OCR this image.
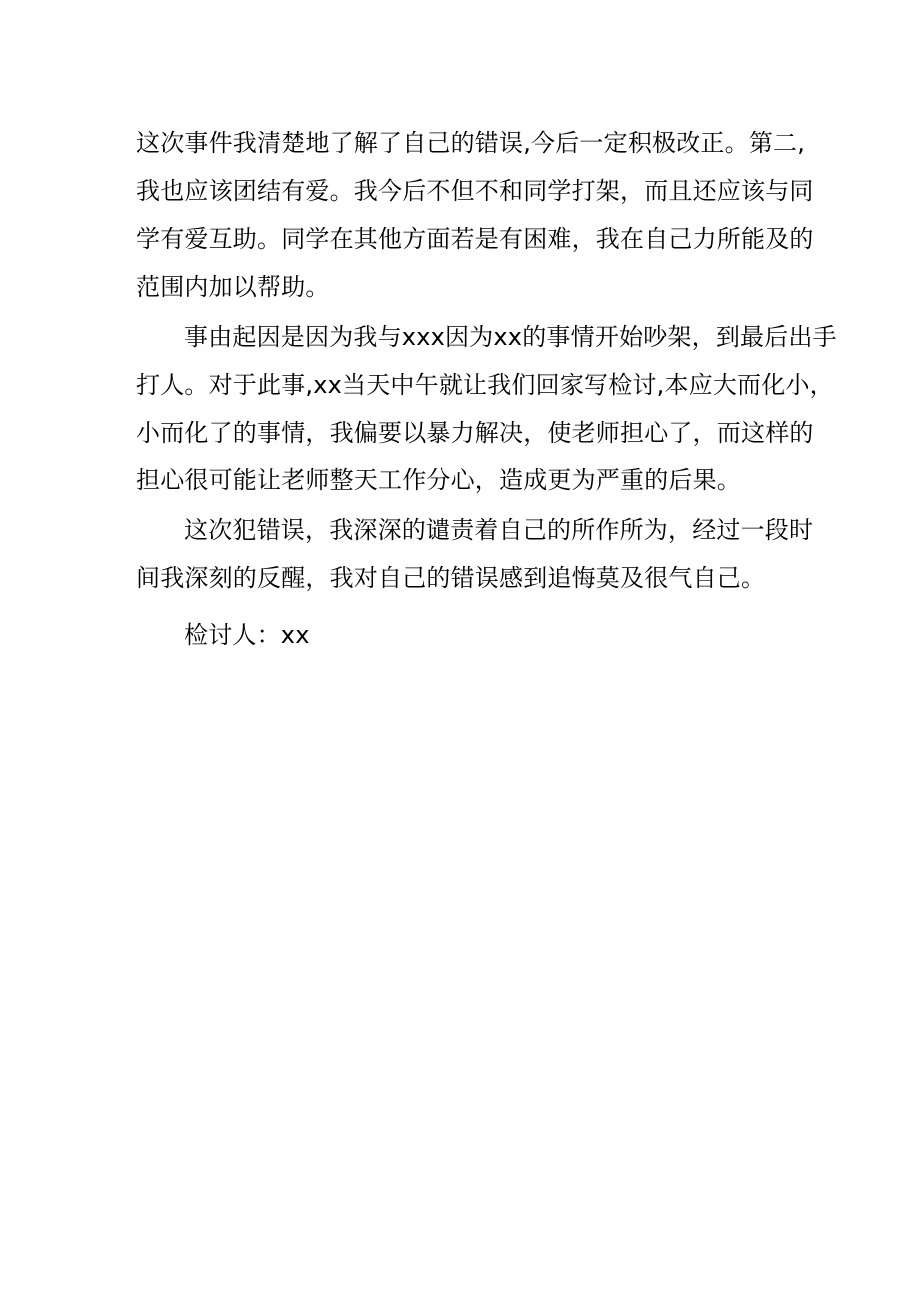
这次事件我清楚地了解了自己的错误,今后一定积极改正。第二,
我也应该团结有爱。我今后不但不和同学打架，而且还应该与同
学有爱互助。同学在其他方面若是有困难，我在自己力所能及的
范围内加以帮助。
事由起因是因为我与xxx因为xx的事情开始吵架，到最后出手
打人。对于此事,xx当天中午就让我们回家写检讨,本应大而化小，
小而化了的事情，我偏要以暴力解决，使老师担心了，而这样的
担心很可能让老师整天工作分心，造成更为严重的后果。
这次犯错误，我深深的谴责着自己的所作所为，经过一段时
间我深刻的反醒，我对自己的错误感到追悔莫及很气自己。
检讨人：xx
